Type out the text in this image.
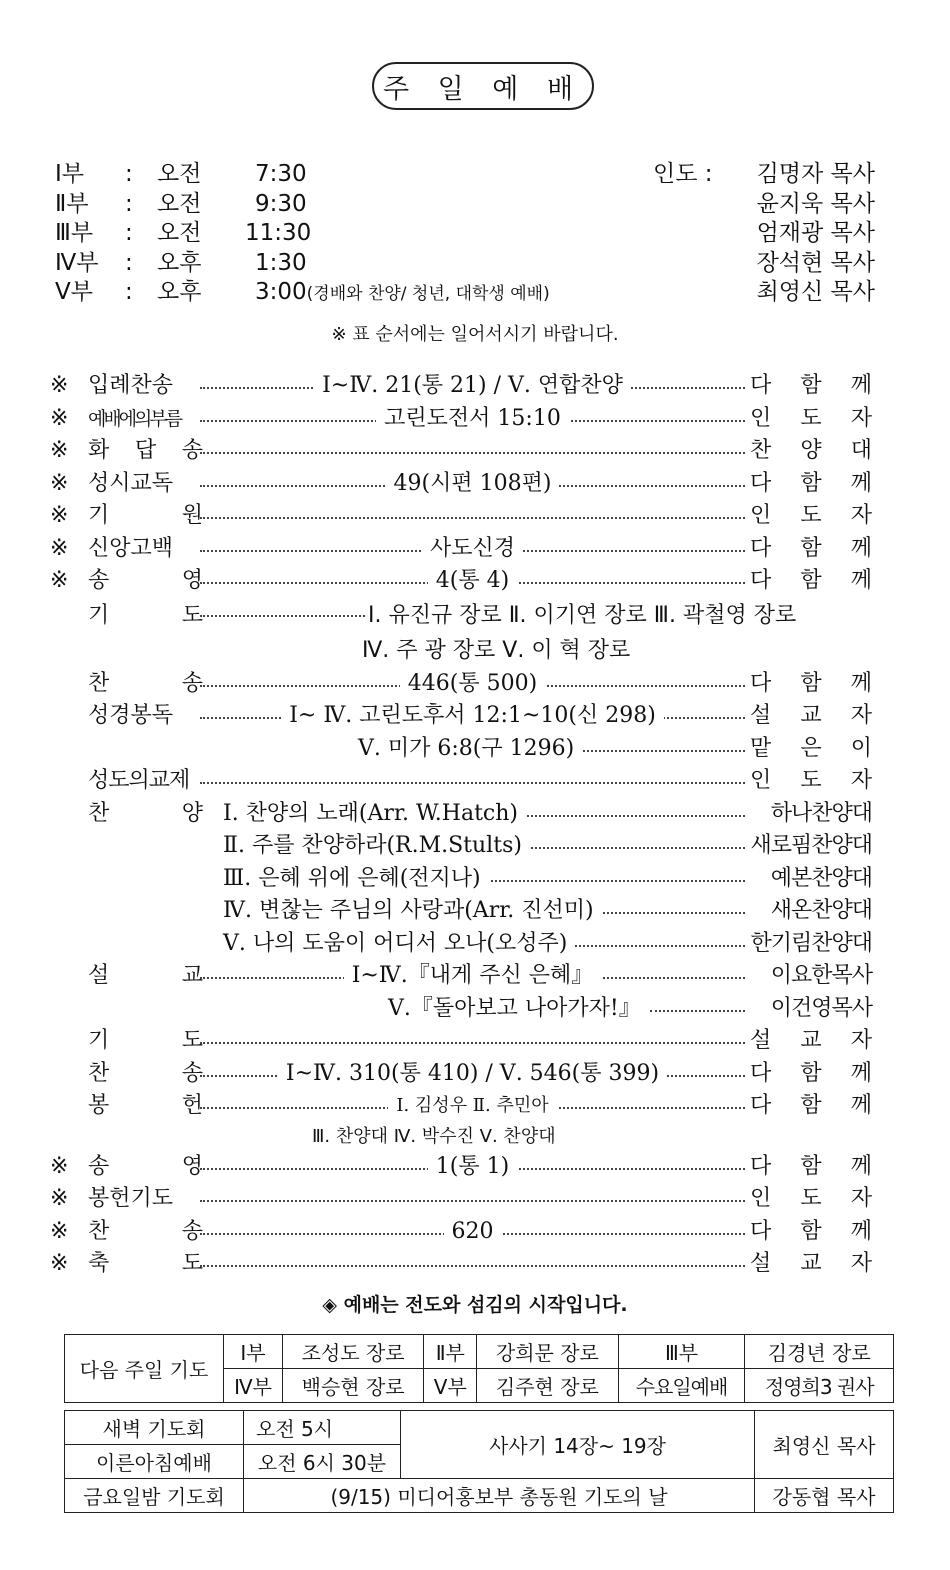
주 일 예 배
Ⅰ부 : 오전 7:30	인도 : 김명자 목사
Ⅱ부 : 오전 9:30	윤지욱 목사
Ⅲ부 : 오전 11:30	엄재광 목사
Ⅳ부 : 오후 1:30	장석현 목사
Ⅴ부 : 오후 3:00(경배와 찬양/ 청년, 대학생 예배)	최영신 목사
※ 표 순서에는 일어서시기 바랍니다.
※ 입례찬송	Ⅰ~Ⅳ. 21(통 21) / Ⅴ. 연합찬양	다 함 께
※	예배에의부름	고린도전서 15:10	인 도 자
※ 화 답 송	찬 양 대
※ 성시교독	49(시편 108편)	다 함 께
※ 기	원	인 도 자
※ 신앙고백	사도신경	다 함 께
※ 송	영	4(통 4)	다 함 께
기	도	Ⅰ. 유진규 장로 Ⅱ. 이기연 장로 Ⅲ. 곽철영 장로
Ⅳ. 주 광 장로 Ⅴ. 이 혁 장로
찬	송	446(통 500)	다 함 께
성경봉독	Ⅰ~ Ⅳ. 고린도후서 12:1~10(신 298)	설 교 자
Ⅴ. 미가 6:8(구 1296)	맡 은 이
성도의교제	인 도 자
찬	양 Ⅰ. 찬양의 노래(Arr. W.Hatch)	하나찬양대
Ⅱ. 주를 찬양하라(R.M.Stults)	새로핌찬양대
Ⅲ. 은혜 위에 은혜(전지나)	예본찬양대
Ⅳ. 변찮는 주님의 사랑과(Arr. 진선미)	새온찬양대
Ⅴ. 나의 도움이 어디서 오나(오성주)	한기림찬양대
설	교	Ⅰ~Ⅳ.『내게 주신 은혜』	이요한목사
Ⅴ.『돌아보고 나아가자!』	이건영목사
기	도	설 교 자
찬	송	Ⅰ~Ⅳ. 310(통 410) / Ⅴ. 546(통 399)	다 함 께
봉	헌	Ⅰ. 김성우 Ⅱ. 추민아	다 함 께
Ⅲ. 찬양대 Ⅳ. 박수진 Ⅴ. 찬양대
※ 송	영	1(통 1)	다 함 께
※ 봉헌기도	인 도 자
※ 찬	송	620	다 함 께
※ 축	도	설 교 자
◈ 예배는 전도와 섬김의 시작입니다.
다음 주일 기도	Ⅰ부	조성도 장로	Ⅱ부	강희문 장로	Ⅲ부	김경년 장로
	Ⅳ부	백승현 장로	Ⅴ부	김주현 장로	수요일예배	정영희3 권사
새벽 기도회	오전 5시	사사기 14장~ 19장	최영신 목사
이른아침예배	오전 6시 30분		
금요일밤 기도회	(9/15) 미디어홍보부 총동원 기도의 날		강동협 목사
